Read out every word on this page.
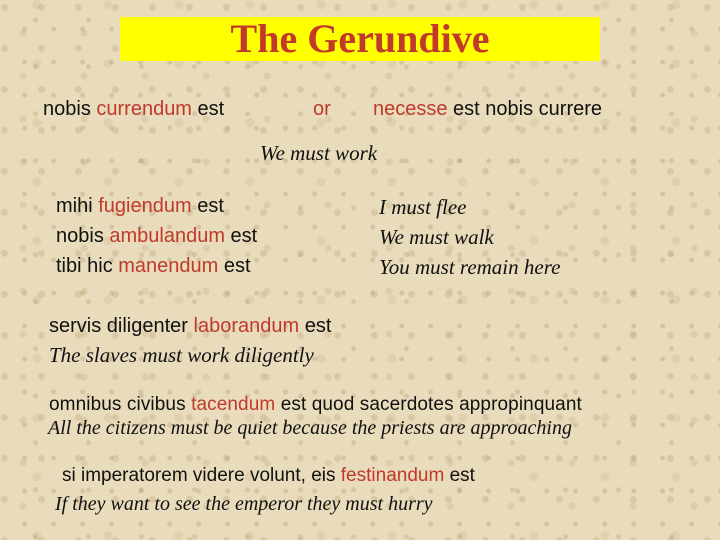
The Gerundive
nobis currendum est	or necesse est nobis currere
We must work
mihi fugiendum est
nobis ambulandum est
tibi hic manendum est
I must flee
We must walk
You must remain here
servis diligenter laborandum est
The slaves must work diligently
omnibus civibus tacendum est quod sacerdotes appropinquant
All the citizens must be quiet because the priests are approaching
si imperatorem videre volunt, eis festinandum est
If they want to see the emperor they must hurry
